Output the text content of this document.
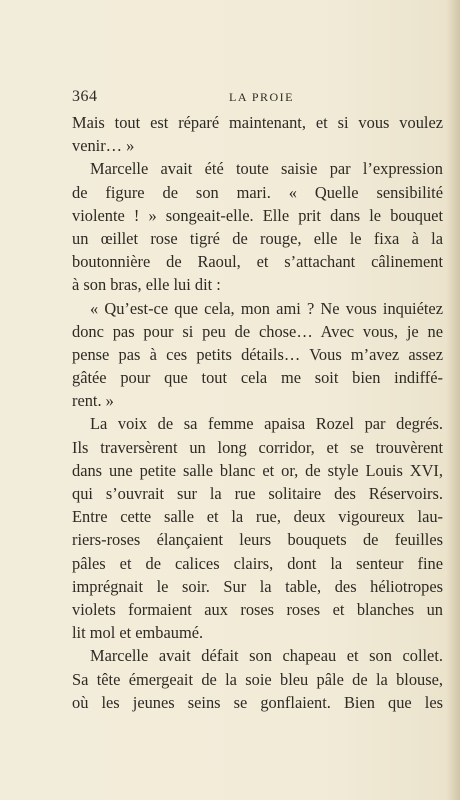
364	LA PROIE
Mais tout est réparé maintenant, et si vous voulez
venir… »
Marcelle avait été toute saisie par l’expression
de figure de son mari. « Quelle sensibilité
violente ! » songeait-elle. Elle prit dans le bouquet
un œillet rose tigré de rouge, elle le fixa à la
boutonnière de Raoul, et s’attachant câlinement
à son bras, elle lui dit :
« Qu’est-ce que cela, mon ami ? Ne vous inquiétez
donc pas pour si peu de chose… Avec vous, je ne
pense pas à ces petits détails… Vous m’avez assez
gâtée pour que tout cela me soit bien indiffé-
rent. »
La voix de sa femme apaisa Rozel par degrés.
Ils traversèrent un long corridor, et se trouvèrent
dans une petite salle blanc et or, de style Louis XVI,
qui s’ouvrait sur la rue solitaire des Réservoirs.
Entre cette salle et la rue, deux vigoureux lau-
riers-roses élançaient leurs bouquets de feuilles
pâles et de calices clairs, dont la senteur fine
imprégnait le soir. Sur la table, des héliotropes
violets formaient aux roses roses et blanches un
lit mol et embaumé.
Marcelle avait défait son chapeau et son collet.
Sa tête émergeait de la soie bleu pâle de la blouse,
où les jeunes seins se gonflaient. Bien que les
